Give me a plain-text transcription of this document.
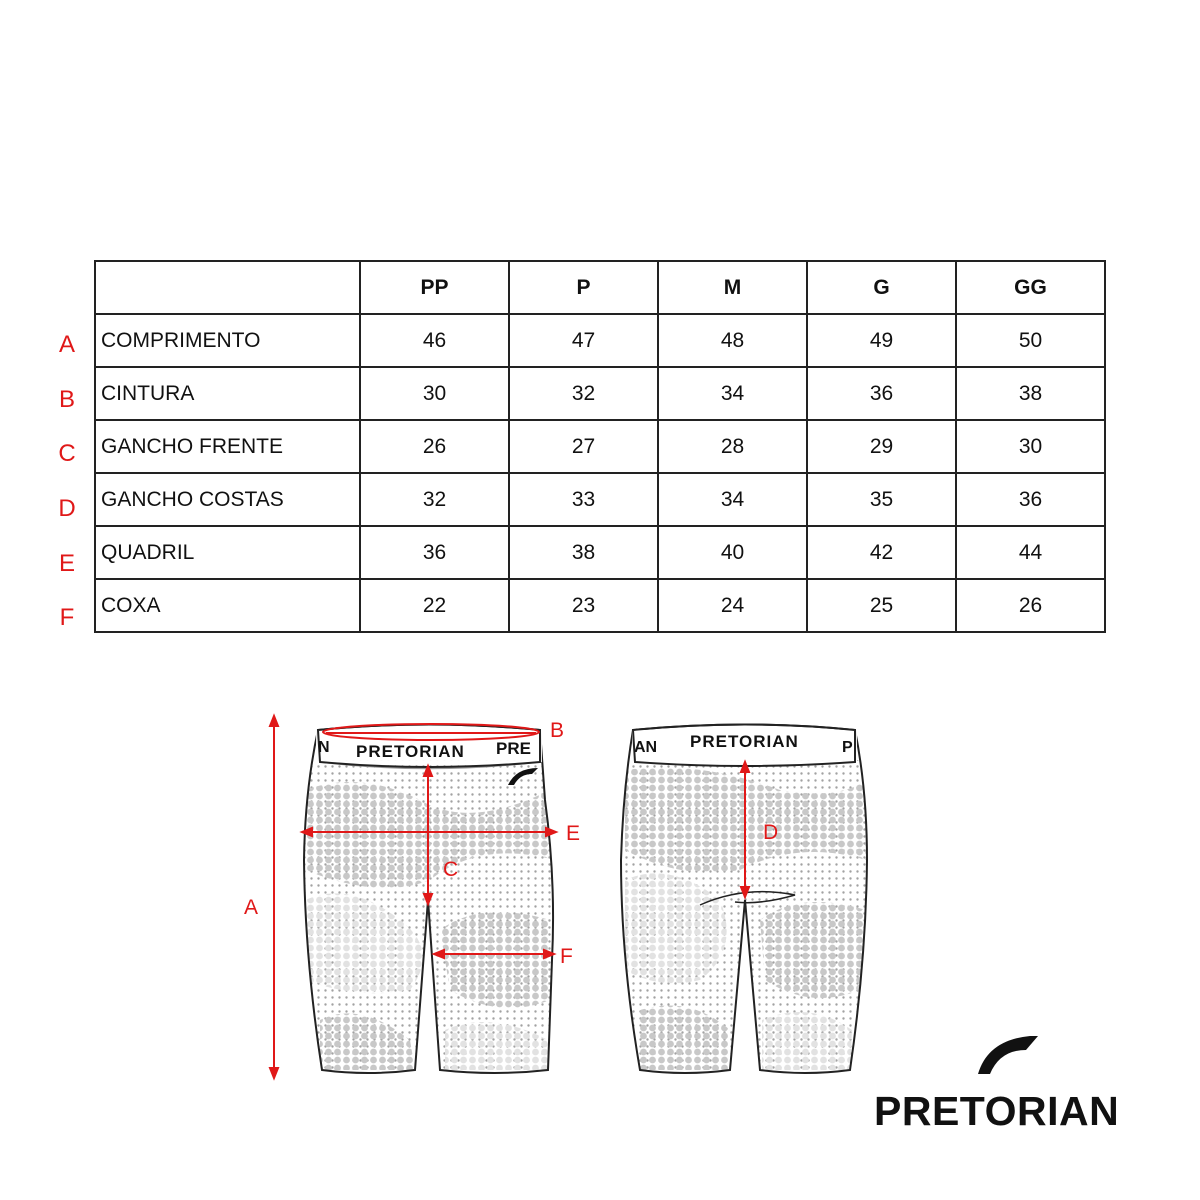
A
B
C
D
E
F
	PP	P	M	G	GG
COMPRIMENTO	46	47	48	49	50
CINTURA	30	32	34	36	38
GANCHO FRENTE	26	27	28	29	30
GANCHO COSTAS	32	33	34	35	36
QUADRIL	36	38	40	42	44
COXA	22	23	24	25	26
N PRETORIAN PRE	AN PRETORIAN	P
A
B
C
D
E
F
PRETORIAN
